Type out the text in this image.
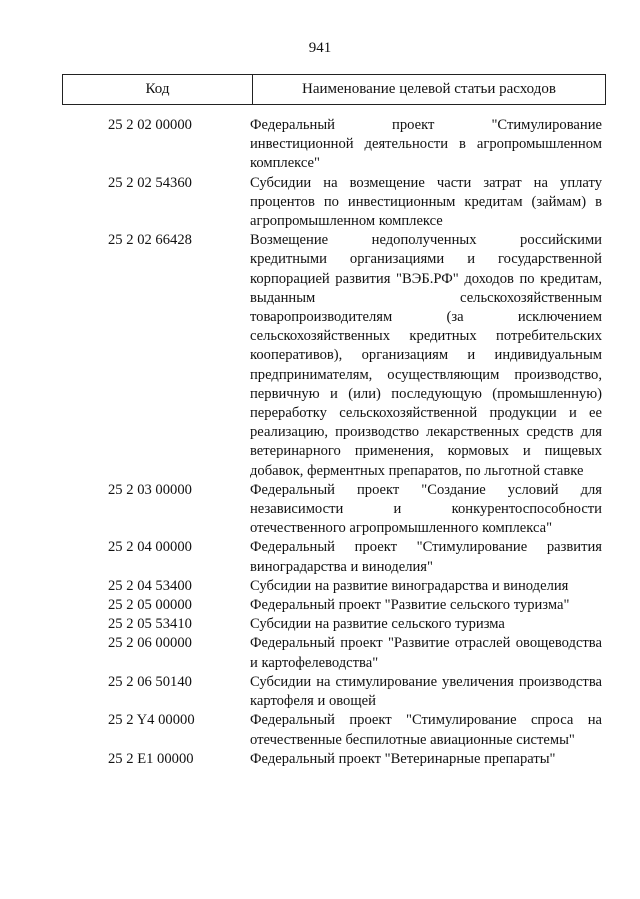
941
Код	Наименование целевой статьи расходов
25 2 02 00000	Федеральный проект "Стимулирование инвестиционной деятельности в агропромышленном комплексе"
25 2 02 54360	Субсидии на возмещение части затрат на уплату процентов по инвестиционным кредитам (займам) в агропромышленном комплексе
25 2 02 66428	Возмещение недополученных российскими кредитными организациями и государственной корпорацией развития "ВЭБ.РФ" доходов по кредитам, выданным сельскохозяйственным товаропроизводителям (за исключением сельскохозяйственных кредитных потребительских кооперативов), организациям и индивидуальным предпринимателям, осуществляющим производство, первичную и (или) последующую (промышленную) переработку сельскохозяйственной продукции и ее реализацию, производство лекарственных средств для ветеринарного применения, кормовых и пищевых добавок, ферментных препаратов, по льготной ставке
25 2 03 00000	Федеральный проект "Создание условий для независимости и конкурентоспособности отечественного агропромышленного комплекса"
25 2 04 00000	Федеральный проект "Стимулирование развития виноградарства и виноделия"
25 2 04 53400	Субсидии на развитие виноградарства и виноделия
25 2 05 00000	Федеральный проект "Развитие сельского туризма"
25 2 05 53410	Субсидии на развитие сельского туризма
25 2 06 00000	Федеральный проект "Развитие отраслей овощеводства и картофелеводства"
25 2 06 50140	Субсидии на стимулирование увеличения производства картофеля и овощей
25 2 Y4 00000	Федеральный проект "Стимулирование спроса на отечественные беспилотные авиационные системы"
25 2 E1 00000	Федеральный проект "Ветеринарные препараты"
